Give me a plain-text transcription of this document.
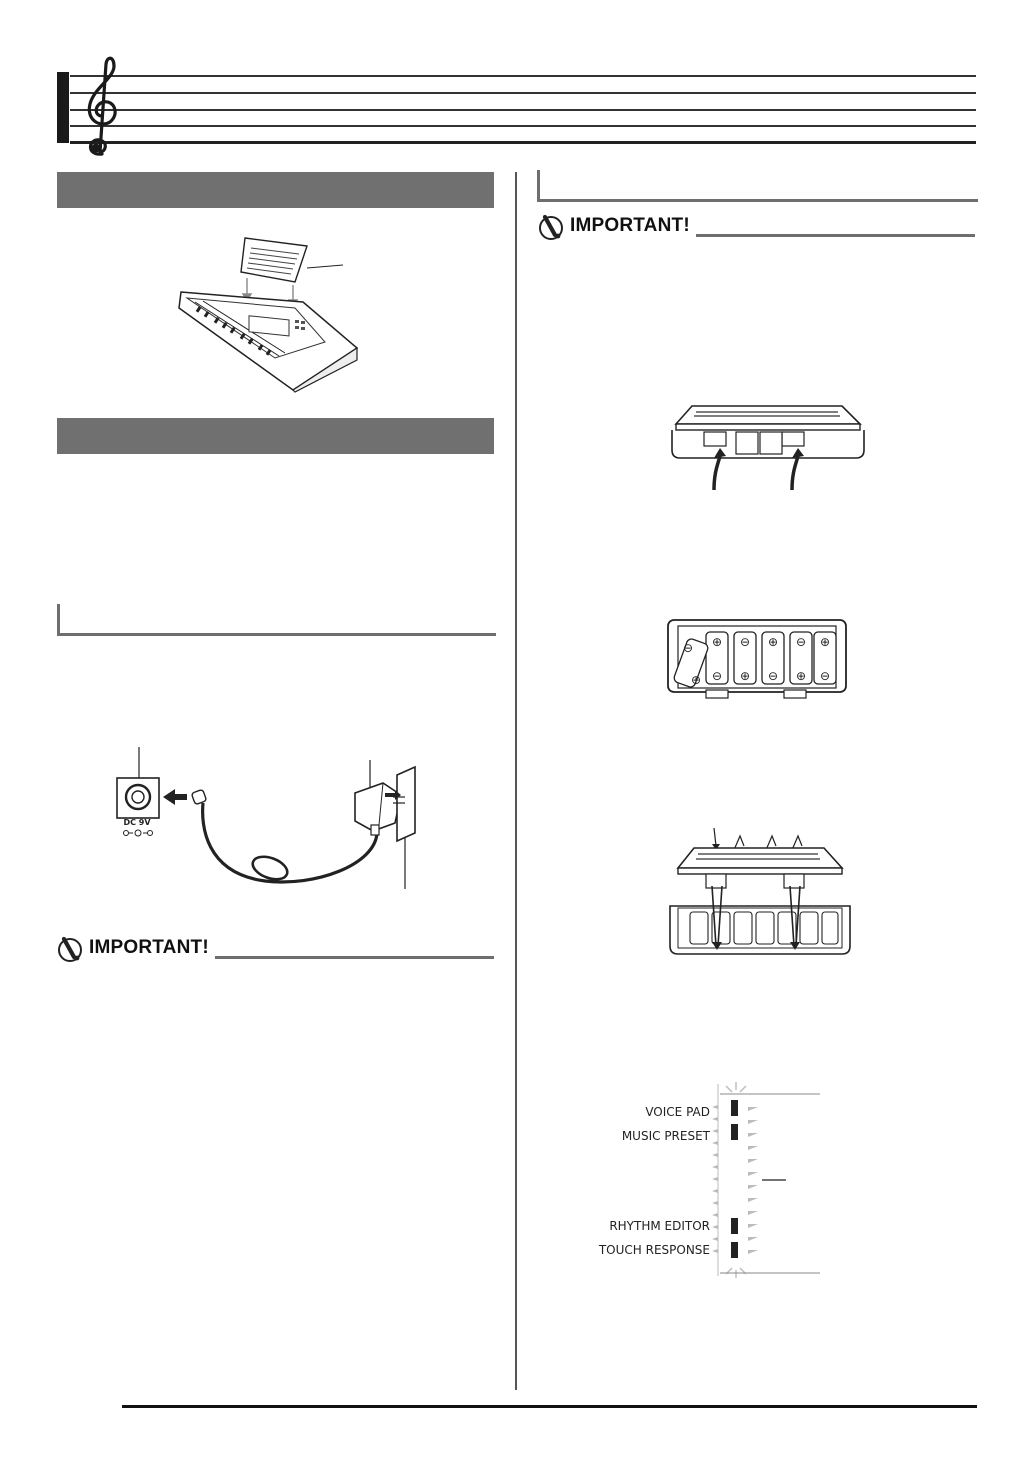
DC 9V
IMPORTANT!
IMPORTANT!
⊕
⊖
⊖
⊕
⊕
⊖
⊖
⊕
⊕
⊖
⊖
⊕
VOICE PAD
MUSIC PRESET
RHYTHM EDITOR
TOUCH RESPONSE
